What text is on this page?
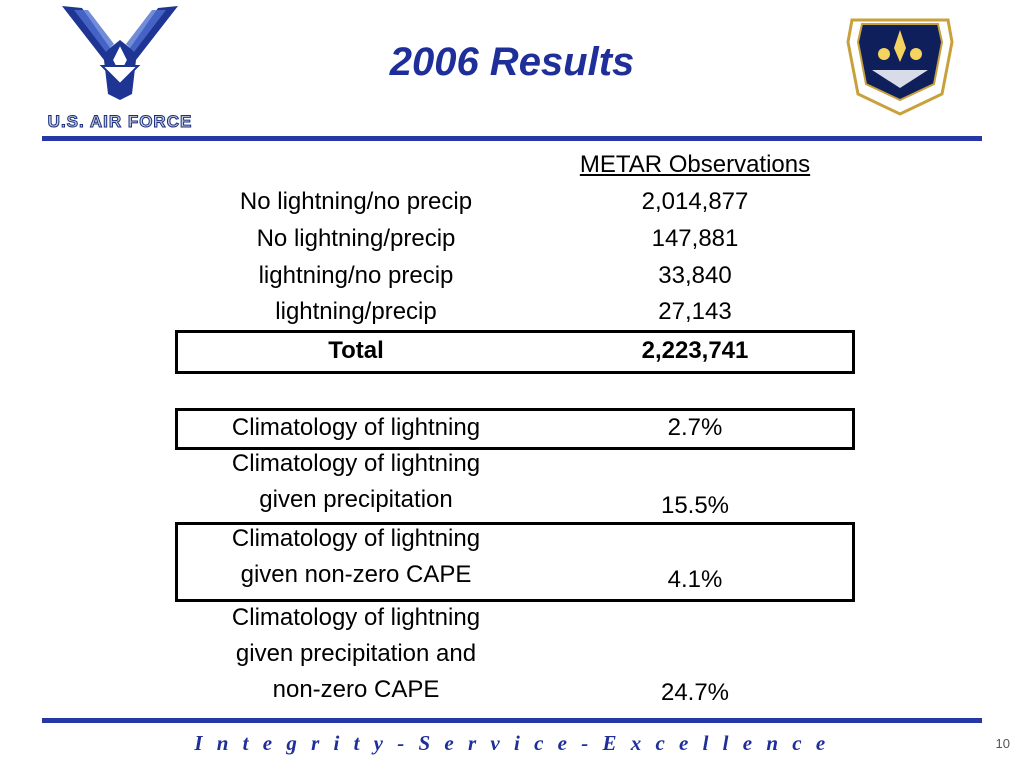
U.S. AIR FORCE
2006 Results
METAR Observations
No lightning/no precip	2,014,877
No lightning/precip	147,881
lightning/no precip	33,840
lightning/precip	27,143
Total	2,223,741
Climatology of lightning	2.7%
Climatology of lightning
given precipitation	15.5%
Climatology of lightning
given non-zero CAPE	4.1%
Climatology of lightning
given precipitation and
non-zero CAPE	24.7%
I n t e g r i t y - S e r v i c e - E x c e l l e n c e	10
